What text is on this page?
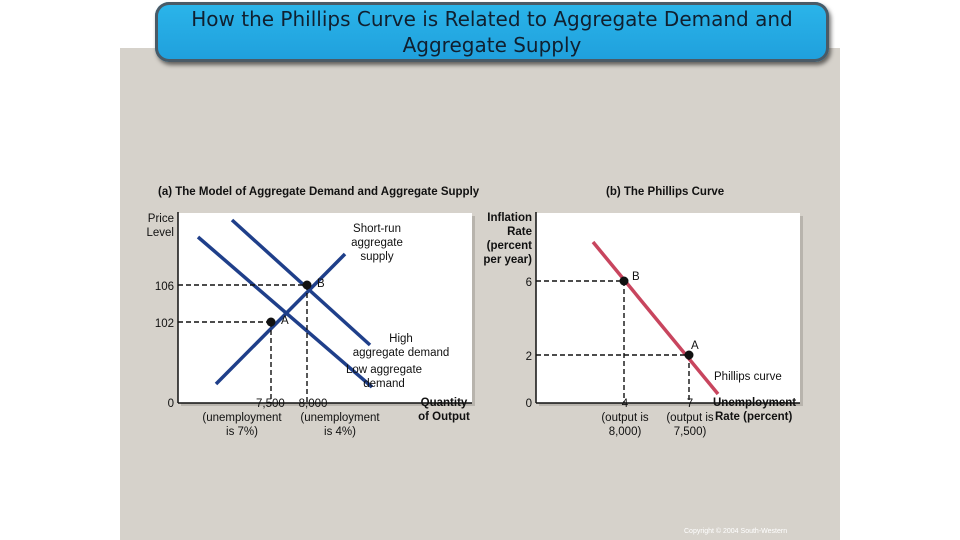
How the Phillips Curve is Related to Aggregate Demand and
Aggregate Supply
(a) The Model of Aggregate Demand and Aggregate Supply
Price
Level
106
102
0
Short-run
aggregate
supply
B
A
High
aggregate demand
Low aggregate
demand
Quantity
of Output
7,500
(unemployment
is 7%)
8,000
(unemployment
is 4%)
(b) The Phillips Curve
Inflation
Rate
(percent
per year)
6
2
0
B
A
Phillips curve
4
(output is
8,000)
7
(output is
7,500)
Unemployment
Rate (percent)
Copyright © 2004 South-Western
